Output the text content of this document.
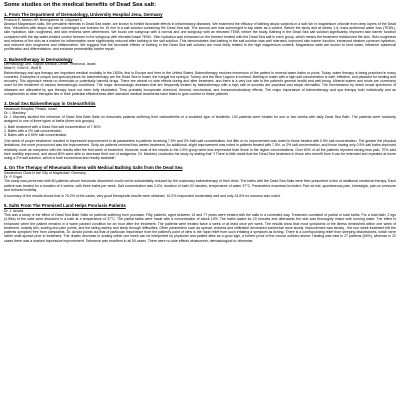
Some studies on the medical benefits of Dead Sea salt:
1. From The Department of Dermatology, University Hospital Jena, Germany
Proksch E, Nissen HP, Bremgartner M, Urquhart C.
Abstract Magnesium salts, the prevalent minerals in Dead Sea water, are known to exhibit favorable effects in inflammatory diseases. We examined the efficacy of bathing atopic subjects in a salt rich in magnesium chloride from deep layers of the Dead Sea. Volunteers with atopic dry skin submerged one forearm for 15 min in a salt solution containing 5% Dead Sea salt. The second arm was submerged in tap water as a control. Before the study and at weeks 1-6, trans-epidermal water loss (TEWL), skin hydration, skin roughness, and skin redness were determined. We found one subgroup with a normal and one subgroup with an elevated TEWL before the study. Bathing in the Dead Sea salt solution significantly improved skin barrier function compared with the tap water-treated control forearm in the subgroup with elevated basal TEWL. Skin hydration was enhanced on the forearm treated with the Dead Sea salt in each group, which means the treatment moisturized the skin. Skin roughness and redness of the skin as a marker for inflammation were significantly reduced after bathing in the salt solution. This demonstrates that bathing in the salt solution was well tolerated, improved skin barrier function, enhanced stratum corneum hydration, and reduced skin roughness and inflammation. We suggest that the favorable effects of bathing in the Dead Sea salt solution are most likely related to the high magnesium content. Magnesium salts are known to bind water, influence epidermal proliferation and differentiation, and enhance permeability barrier repair.
2. Balneotherapy in Dermatology
Dermatology Unit, Kaplan Medical Center, Rechovot, Israel.
Matz H, Orion E, Wolf R.
Balneotherapy and spa therapy are important medical modality in the 1800s, first in Europe and then in the United States. Balneotherapy involves immersion of the patient in mineral water baths or pools. Today, water therapy is being practiced in many countries. Examples of unique and special places for balneotherapy are the Dead Sea in Israel, the Kangal hot spring in Turkey, and the Blue Lagoon in Iceland. Bathing in water with a high salt concentration is safe, effective, and pleasant for healing and recovery. This approach needs no chemicals or potentially harmful drugs. There are almost no side effects during and after treatment, and there is a very low rate to the patient's general health and well-being. Mineral waters and muds are commonly used for the treatment of various dermatologic conditions. The major dermatologic diseases that are frequently treated by balneotherapy with a high rate of success are psoriasis and atopic dermatitis. The mechanisms by which broad spectrums of diseases are alleviated by spa therapy have not been fully elucidated. They probably incorporate chemical, thermal, mechanical, and immunomodulatory effects. The major importance of balneotherapy and spa therapy both individually and as complements to other therapies lies in their potential effectiveness after standard medical treatments have failed to give comfort to these patients.
3. Dead Sea Balneotherapy in Osteoarthritis
Hadassah Hospital, Petach, Israel
Dr. I. Machtey
Dr. I. Machtey studied the influence of Dead Sea Bath Salts on rheumatic patients suffering from osteoarthritis or a localized type of tendinitis. 103 patients were treated for one or two weeks with daily Dead Sea Bath. The patients were randomly assigned to one of three types of baths (three sub groups).
1. Bath treatment with a Dead Sea salt concentration of 7.50%
2. Baths with a 2% salt concentration
3. Baths with a 0.50% salt concentration.
One week of proper treatment: resulted in impressive improvement in all parameters in patients receiving 7.5% and 2% bath salt concentration, but little or no improvement was noted in those treated with 0.5% salt concentration. The greater the physical limitations, the more pronounced was the improvement. Sixty-six patients received two weeks treatment. An additional, slight improvement was noted in patients treated with 7.5%, or 2% salt concentration, and those having only 0.5% salt baths improved relatively more as compared with the results after the first week of treatment. However most of the results in the 0.5% group were less impressive than those in the higher concentrations. Over 80% of all the patients reported having less pain, 70% said their mobility improved, and about 80% were able to decrease their use of analgesics. Dr. Machtey concludes his study by stating that "f There is little doubt that the Dead Sea treatment in those who benefit from it can be extended and repeated at home using a 2% salt solution, which is both economical and readily available".
4. On The Therapy of Rheumatic Illness with Medical Bathing Salts from the Dead Sea
Sanatorium Clinic in the City of Mayendarf, Germany
Dr. P. Engel
The study was performed with 80 patients whose rheumatic discomfort could not be substantially reduced by the customary balneotherapy of their clinic. The baths with the Dead Sea Salts were then prescribed in lieu of additional medicinal therapy. Each patient was treated for a duration of 4 weeks, with three baths per week. Salt concentration was 2.5%, duration of bath 20 minutes, temperature of water 37°C. Parameters examined included: Pain at rest, spontaneous pain, kinesalgia, pain on pressure and reduced mobility.
A summary of the results shows that in 76.2% of the cases, very good therapeutic results were obtained, 10.2% responded moderately well and only 13.6% no success was noted.
5. Salts From The Promised Land Helps Psoriasis Patients
Dr. J. Arnold
This was a study of the effect of Dead Sea Bath Salts on patients suffering from psoriasis. Fifty patients, aged between 14 and 77 years were treated with the salts in a controlled way. Treatment consisted of partial or total baths. For a total bath, 2 kgs (4.5lbs) of the salts were dissolved in a bath at a temperature of 37°C. The partial baths were made with a concentration of about 10%. The baths lasted for 20 minutes and afterwards the skin was thoroughly rinsed with running water. The effect is enhanced when the patient remains in a warm packed condition for an hour after the treatment. The patients were treated twice a week or at least once per week. The results show that most symptoms of the illness diminished within one week of treatment, notably itch, scaling and pain points, and the falling asleep and sleep through difficulties. Other parameters such as spread, redness and infiltration decreased somewhat more slowly. Improvement was steady - the four week treatment left the patients symptom free from complaints. Dr. Arnold points out that of particular importance from the patient's point of view is the rapid relief from such irritating a symptom as itching. There is a corresponding relief from sleeping disturbances, which were rather wide-spread prior to treatment. The drastic decrease in scaling within one week can be interpreted by physician and patient alike as a good sign, a further proof of the course outlined above: Healing was total in 27 patients (54%), whereas in 22 cases there was a marked impressive improvement. Tolerance was excellent in all 50 cases. There were no side effects whatsoever, dermatological or otherwise.
